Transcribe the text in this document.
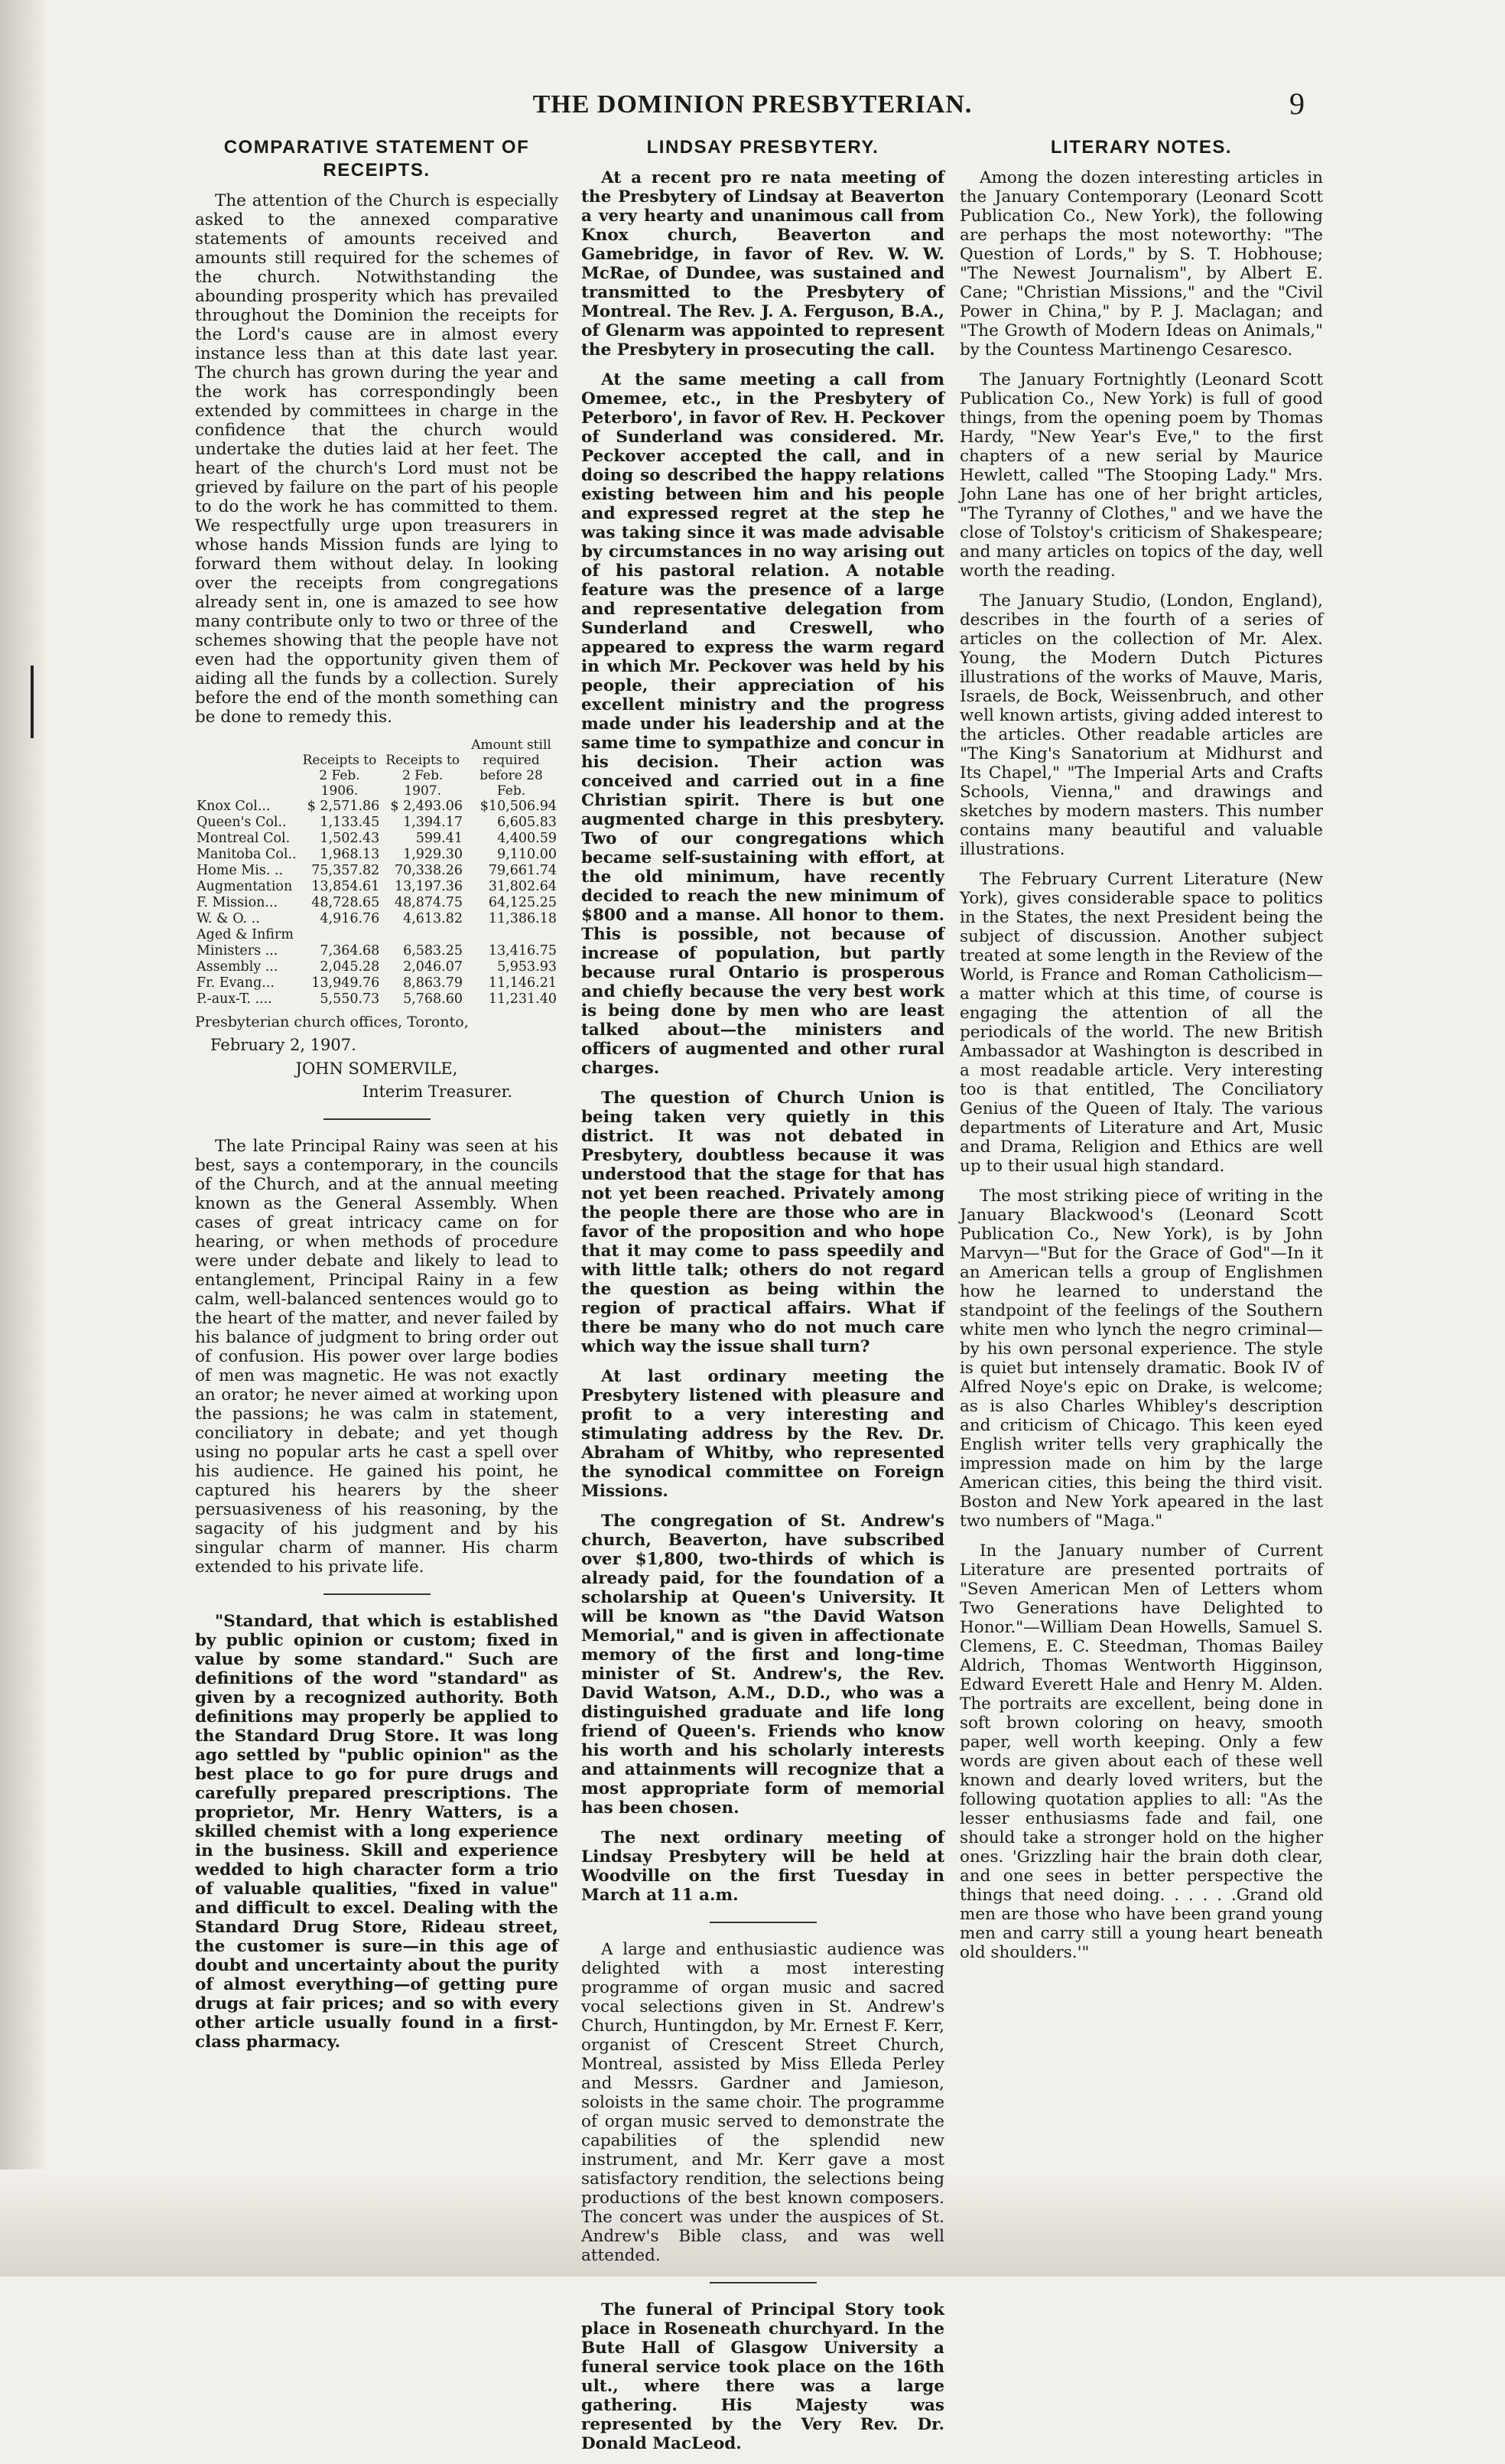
THE DOMINION PRESBYTERIAN.	9
COMPARATIVE STATEMENT OF RECEIPTS.

The attention of the Church is especially asked to the annexed comparative statements of amounts received and amounts still required for the schemes of the church. Notwithstanding the abounding prosperity which has prevailed throughout the Dominion the receipts for the Lord's cause are in almost every instance less than at this date last year. The church has grown during the year and the work has correspondingly been extended by committees in charge in the confidence that the church would undertake the duties laid at her feet. The heart of the church's Lord must not be grieved by failure on the part of his people to do the work he has committed to them. We respectfully urge upon treasurers in whose hands Mission funds are lying to forward them without delay. In looking over the receipts from congregations already sent in, one is amazed to see how many contribute only to two or three of the schemes showing that the people have not even had the opportunity given them of aiding all the funds by a collection. Surely before the end of the month something can be done to remedy this.

	Receipts to 2 Feb. 1906.	Receipts to 2 Feb. 1907.	Amount still required before 28 Feb.
Knox Col...	$ 2,571.86	$ 2,493.06	$10,506.94
Queen's Col..	1,133.45	1,394.17	6,605.83
Montreal Col.	1,502.43	599.41	4,400.59
Manitoba Col..	1,968.13	1,929.30	9,110.00
Home Mis. ..	75,357.82	70,338.26	79,661.74
Augmentation	13,854.61	13,197.36	31,802.64
F. Mission...	48,728.65	48,874.75	64,125.25
W. & O. ..	4,916.76	4,613.82	11,386.18
Aged & Infirm			
Ministers ...	7,364.68	6,583.25	13,416.75
Assembly ...	2,045.28	2,046.07	5,953.93
Fr. Evang...	13,949.76	8,863.79	11,146.21
P.-aux-T. ....	5,550.73	5,768.60	11,231.40
Presbyterian church offices, Toronto,
February 2, 1907.
JOHN SOMERVILE,
Interim Treasurer.

The late Principal Rainy was seen at his best, says a contemporary, in the councils of the Church, and at the annual meeting known as the General Assembly. When cases of great intricacy came on for hearing, or when methods of procedure were under debate and likely to lead to entanglement, Principal Rainy in a few calm, well-balanced sentences would go to the heart of the matter, and never failed by his balance of judgment to bring order out of confusion. His power over large bodies of men was magnetic. He was not exactly an orator; he never aimed at working upon the passions; he was calm in statement, conciliatory in debate; and yet though using no popular arts he cast a spell over his audience. He gained his point, he captured his hearers by the sheer persuasiveness of his reasoning, by the sagacity of his judgment and by his singular charm of manner. His charm extended to his private life.

"Standard, that which is established by public opinion or custom; fixed in value by some standard." Such are definitions of the word "standard" as given by a recognized authority. Both definitions may properly be applied to the Standard Drug Store. It was long ago settled by "public opinion" as the best place to go for pure drugs and carefully prepared prescriptions. The proprietor, Mr. Henry Watters, is a skilled chemist with a long experience in the business. Skill and experience wedded to high character form a trio of valuable qualities, "fixed in value" and difficult to excel. Dealing with the Standard Drug Store, Rideau street, the customer is sure—in this age of doubt and uncertainty about the purity of almost everything—of getting pure drugs at fair prices; and so with every other article usually found in a first-class pharmacy.

LINDSAY PRESBYTERY.

At a recent pro re nata meeting of the Presbytery of Lindsay at Beaverton a very hearty and unanimous call from Knox church, Beaverton and Gamebridge, in favor of Rev. W. W. McRae, of Dundee, was sustained and transmitted to the Presbytery of Montreal. The Rev. J. A. Ferguson, B.A., of Glenarm was appointed to represent the Presbytery in prosecuting the call.

At the same meeting a call from Omemee, etc., in the Presbytery of Peterboro', in favor of Rev. H. Peckover of Sunderland was considered. Mr. Peckover accepted the call, and in doing so described the happy relations existing between him and his people and expressed regret at the step he was taking since it was made advisable by circumstances in no way arising out of his pastoral relation. A notable feature was the presence of a large and representative delegation from Sunderland and Creswell, who appeared to express the warm regard in which Mr. Peckover was held by his people, their appreciation of his excellent ministry and the progress made under his leadership and at the same time to sympathize and concur in his decision. Their action was conceived and carried out in a fine Christian spirit. There is but one augmented charge in this presbytery. Two of our congregations which became self-sustaining with effort, at the old minimum, have recently decided to reach the new minimum of $800 and a manse. All honor to them. This is possible, not because of increase of population, but partly because rural Ontario is prosperous and chiefly because the very best work is being done by men who are least talked about—the ministers and officers of augmented and other rural charges.

The question of Church Union is being taken very quietly in this district. It was not debated in Presbytery, doubtless because it was understood that the stage for that has not yet been reached. Privately among the people there are those who are in favor of the proposition and who hope that it may come to pass speedily and with little talk; others do not regard the question as being within the region of practical affairs. What if there be many who do not much care which way the issue shall turn?

At last ordinary meeting the Presbytery listened with pleasure and profit to a very interesting and stimulating address by the Rev. Dr. Abraham of Whitby, who represented the synodical committee on Foreign Missions.

The congregation of St. Andrew's church, Beaverton, have subscribed over $1,800, two-thirds of which is already paid, for the foundation of a scholarship at Queen's University. It will be known as "the David Watson Memorial," and is given in affectionate memory of the first and long-time minister of St. Andrew's, the Rev. David Watson, A.M., D.D., who was a distinguished graduate and life long friend of Queen's. Friends who know his worth and his scholarly interests and attainments will recognize that a most appropriate form of memorial has been chosen.

The next ordinary meeting of Lindsay Presbytery will be held at Woodville on the first Tuesday in March at 11 a.m.

A large and enthusiastic audience was delighted with a most interesting programme of organ music and sacred vocal selections given in St. Andrew's Church, Huntingdon, by Mr. Ernest F. Kerr, organist of Crescent Street Church, Montreal, assisted by Miss Elleda Perley and Messrs. Gardner and Jamieson, soloists in the same choir. The programme of organ music served to demonstrate the capabilities of the splendid new instrument, and Mr. Kerr gave a most satisfactory rendition, the selections being productions of the best known composers. The concert was under the auspices of St. Andrew's Bible class, and was well attended.

The funeral of Principal Story took place in Roseneath churchyard. In the Bute Hall of Glasgow University a funeral service took place on the 16th ult., where there was a large gathering. His Majesty was represented by the Very Rev. Dr. Donald MacLeod.

LITERARY NOTES.

Among the dozen interesting articles in the January Contemporary (Leonard Scott Publication Co., New York), the following are perhaps the most noteworthy: "The Question of Lords," by S. T. Hobhouse; "The Newest Journalism", by Albert E. Cane; "Christian Missions," and the "Civil Power in China," by P. J. Maclagan; and "The Growth of Modern Ideas on Animals," by the Countess Martinengo Cesaresco.

The January Fortnightly (Leonard Scott Publication Co., New York) is full of good things, from the opening poem by Thomas Hardy, "New Year's Eve," to the first chapters of a new serial by Maurice Hewlett, called "The Stooping Lady." Mrs. John Lane has one of her bright articles, "The Tyranny of Clothes," and we have the close of Tolstoy's criticism of Shakespeare; and many articles on topics of the day, well worth the reading.

The January Studio, (London, England), describes in the fourth of a series of articles on the collection of Mr. Alex. Young, the Modern Dutch Pictures illustrations of the works of Mauve, Maris, Israels, de Bock, Weissenbruch, and other well known artists, giving added interest to the articles. Other readable articles are "The King's Sanatorium at Midhurst and Its Chapel," "The Imperial Arts and Crafts Schools, Vienna," and drawings and sketches by modern masters. This number contains many beautiful and valuable illustrations.

The February Current Literature (New York), gives considerable space to politics in the States, the next President being the subject of discussion. Another subject treated at some length in the Review of the World, is France and Roman Catholicism—a matter which at this time, of course is engaging the attention of all the periodicals of the world. The new British Ambassador at Washington is described in a most readable article. Very interesting too is that entitled, The Conciliatory Genius of the Queen of Italy. The various departments of Literature and Art, Music and Drama, Religion and Ethics are well up to their usual high standard.

The most striking piece of writing in the January Blackwood's (Leonard Scott Publication Co., New York), is by John Marvyn—"But for the Grace of God"—In it an American tells a group of Englishmen how he learned to understand the standpoint of the feelings of the Southern white men who lynch the negro criminal—by his own personal experience. The style is quiet but intensely dramatic. Book IV of Alfred Noye's epic on Drake, is welcome; as is also Charles Whibley's description and criticism of Chicago. This keen eyed English writer tells very graphically the impression made on him by the large American cities, this being the third visit. Boston and New York apeared in the last two numbers of "Maga."

In the January number of Current Literature are presented portraits of "Seven American Men of Letters whom Two Generations have Delighted to Honor."—William Dean Howells, Samuel S. Clemens, E. C. Steedman, Thomas Bailey Aldrich, Thomas Wentworth Higginson, Edward Everett Hale and Henry M. Alden. The portraits are excellent, being done in soft brown coloring on heavy, smooth paper, well worth keeping. Only a few words are given about each of these well known and dearly loved writers, but the following quotation applies to all: "As the lesser enthusiasms fade and fail, one should take a stronger hold on the higher ones. 'Grizzling hair the brain doth clear, and one sees in better perspective the things that need doing. . . . . .Grand old men are those who have been grand young men and carry still a young heart beneath old shoulders.'"
